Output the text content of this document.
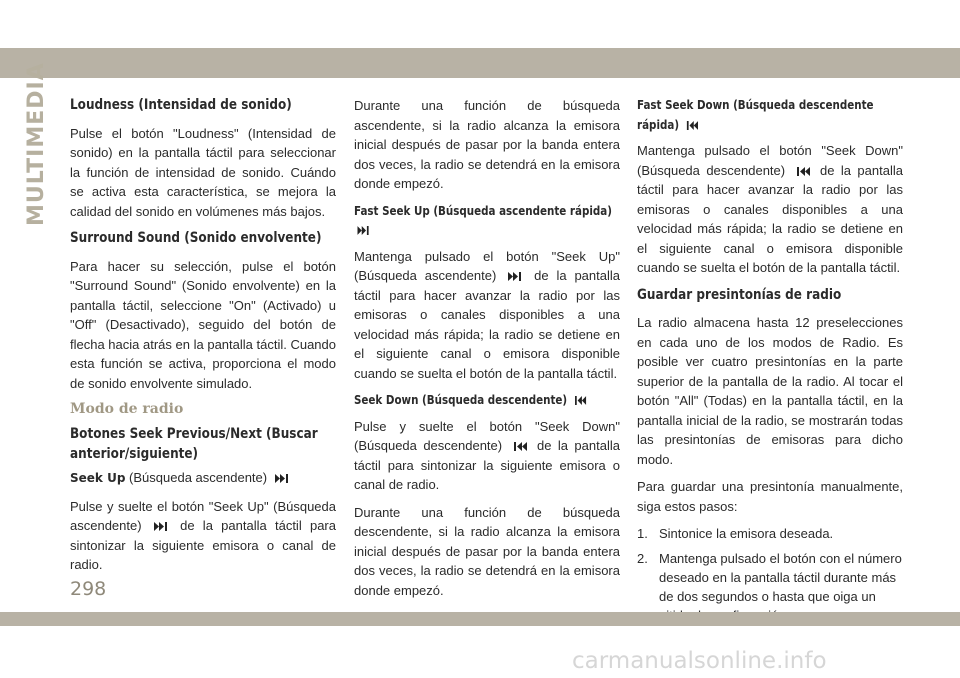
MULTIMEDIA Loudness (Intensidad de sonido)

Pulse el botón "Loudness" (Intensidad de sonido) en la pantalla táctil para seleccionar la función de intensidad de sonido. Cuándo se activa esta característica, se mejora la calidad del sonido en volúmenes más bajos.

Surround Sound (Sonido envolvente)

Para hacer su selección, pulse el botón "Surround Sound" (Sonido envolvente) en la pantalla táctil, seleccione "On" (Activado) u "Off" (Desactivado), seguido del botón de flecha hacia atrás en la pantalla táctil. Cuando esta función se activa, proporciona el modo de sonido envolvente simulado.

Modo de radio
Botones Seek Previous/Next (Buscar anterior/siguiente)

Seek Up (Búsqueda ascendente)

Pulse y suelte el botón "Seek Up" (Búsqueda ascendente)	de la pantalla táctil para sintonizar la siguiente emisora o canal de radio.

Durante una función de búsqueda ascendente, si la radio alcanza la emisora inicial después de pasar por la banda entera dos veces, la radio se detendrá en la emisora donde empezó.

Fast Seek Up (Búsqueda ascendente rápida)

Mantenga pulsado el botón "Seek Up" (Búsqueda ascendente)	de la pantalla táctil para hacer avanzar la radio por las emisoras o canales disponibles a una velocidad más rápida; la radio se detiene en el siguiente canal o emisora disponible cuando se suelta el botón de la pantalla táctil.

Seek Down (Búsqueda descendente)

Pulse y suelte el botón "Seek Down" (Búsqueda descendente)	de la pantalla táctil para sintonizar la siguiente emisora o canal de radio.

Durante una función de búsqueda descendente, si la radio alcanza la emisora inicial después de pasar por la banda entera dos veces, la radio se detendrá en la emisora donde empezó.

Fast Seek Down (Búsqueda descendente rápida)

Mantenga pulsado el botón "Seek Down" (Búsqueda descendente)	de la pantalla táctil para hacer avanzar la radio por las emisoras o canales disponibles a una velocidad más rápida; la radio se detiene en el siguiente canal o emisora disponible cuando se suelta el botón de la pantalla táctil.

Guardar presintonías de radio

La radio almacena hasta 12 preselecciones en cada uno de los modos de Radio. Es posible ver cuatro presintonías en la parte superior de la pantalla de la radio. Al tocar el botón "All" (Todas) en la pantalla táctil, en la pantalla inicial de la radio, se mostrarán todas las presintonías de emisoras para dicho modo.

Para guardar una presintonía manualmente, siga estos pasos:

1. Sintonice la emisora deseada.
2. Mantenga pulsado el botón con el número deseado en la pantalla táctil durante más de dos segundos o hasta que oiga un
298
carmanualsonline.info
